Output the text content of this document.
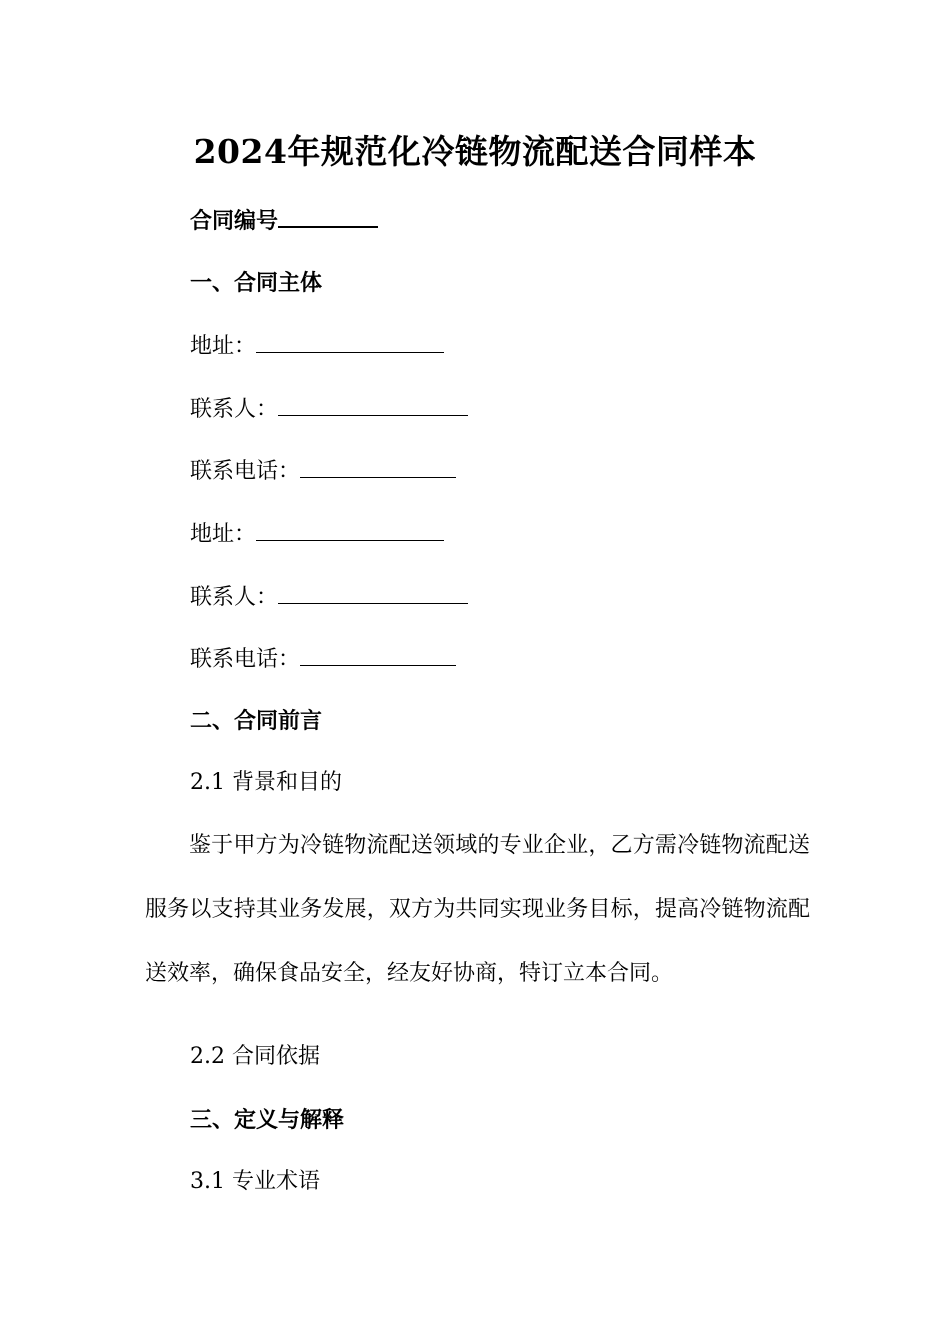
2024年规范化冷链物流配送合同样本
合同编号
一、合同主体
地址：
联系人：
联系电话：
地址：
联系人：
联系电话：
二、合同前言
2.1 背景和目的
鉴于甲方为冷链物流配送领域的专业企业，乙方需冷链物流配送服务以支持其业务发展，双方为共同实现业务目标，提高冷链物流配送效率，确保食品安全，经友好协商，特订立本合同。
2.2 合同依据
三、定义与解释
3.1 专业术语
